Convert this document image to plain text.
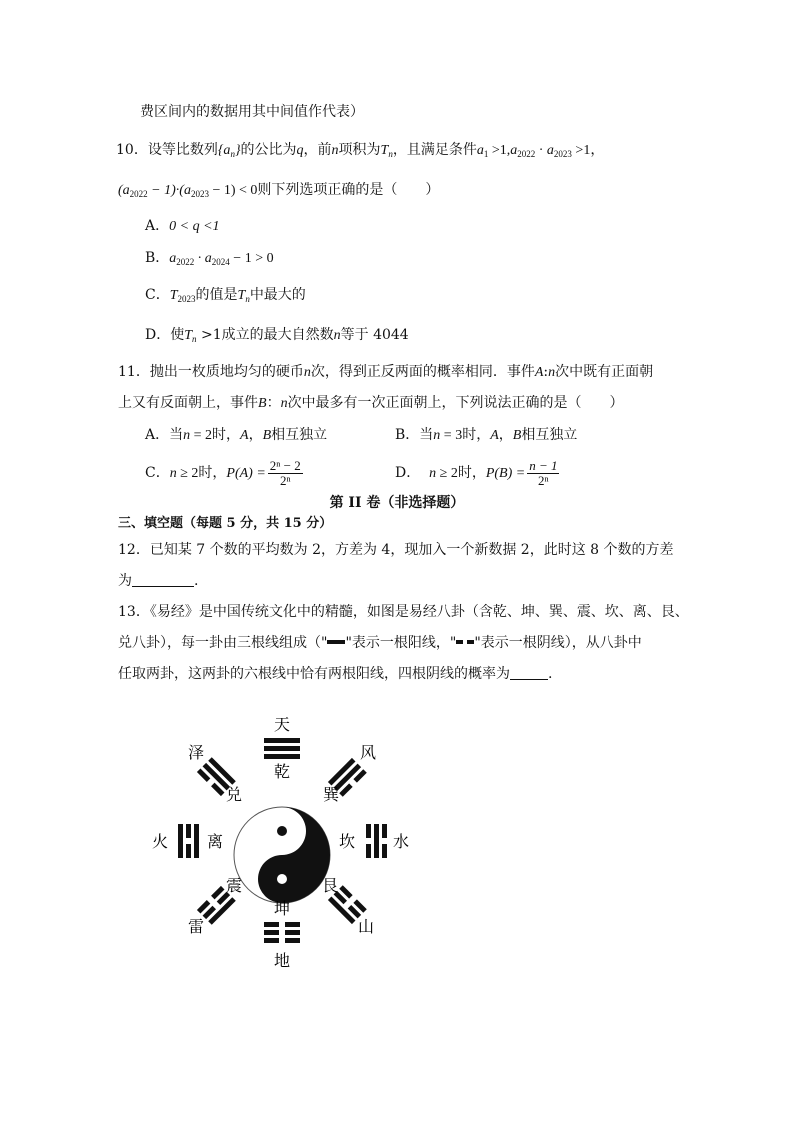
费区间内的数据用其中间值作代表）
10．设等比数列$\{a_n\}$的公比为q，前n项积为$T_n$，且满足条件$a_1 >1,a_{2022} \cdot a_{2023} >1$，
$(a_{2022} - 1)\cdot(a_{2023} - 1) < 0$则下列选项正确的是（　　）
A．0 < q <1
B．$a_{2022} \cdot a_{2024} - 1 > 0$
C．$T_{2023}$的值是$T_n$中最大的
D．使$T_n >1$成立的最大自然数n等于 4044
11．抛出一枚质地均匀的硬币n次，得到正反两面的概率相同．事件A:n次中既有正面朝
上又有反面朝上，事件B：n次中最多有一次正面朝上，下列说法正确的是（　　）
A．当n = 2时，A，B相互独立	B．当n = 3时，A，B相互独立
C．n ≥ 2时，$P(A) = \frac{\text{2ⁿ − 2}}{\text{2ⁿ}}$	D． n ≥ 2时，$P(B) = \frac{n - 1}{\text{2ⁿ}}$
第 II 卷（非选择题）
三、填空题（每题 5 分，共 15 分）
12．已知某 7 个数的平均数为 2，方差为 4，现加入一个新数据 2，此时这 8 个数的方差
为	.
13．《易经》是中国传统文化中的精髓，如图是易经八卦（含乾、坤、巽、震、坎、离、艮、
兑八卦），每一卦由三根线组成（" "表示一根阳线，" "表示一根阴线），从八卦中
任取两卦，这两卦的六根线中恰有两根阳线，四根阴线的概率为	.
天
乾
坤
地
火 离	坎 水
泽
兑
风
巽
震
雷
艮
山
